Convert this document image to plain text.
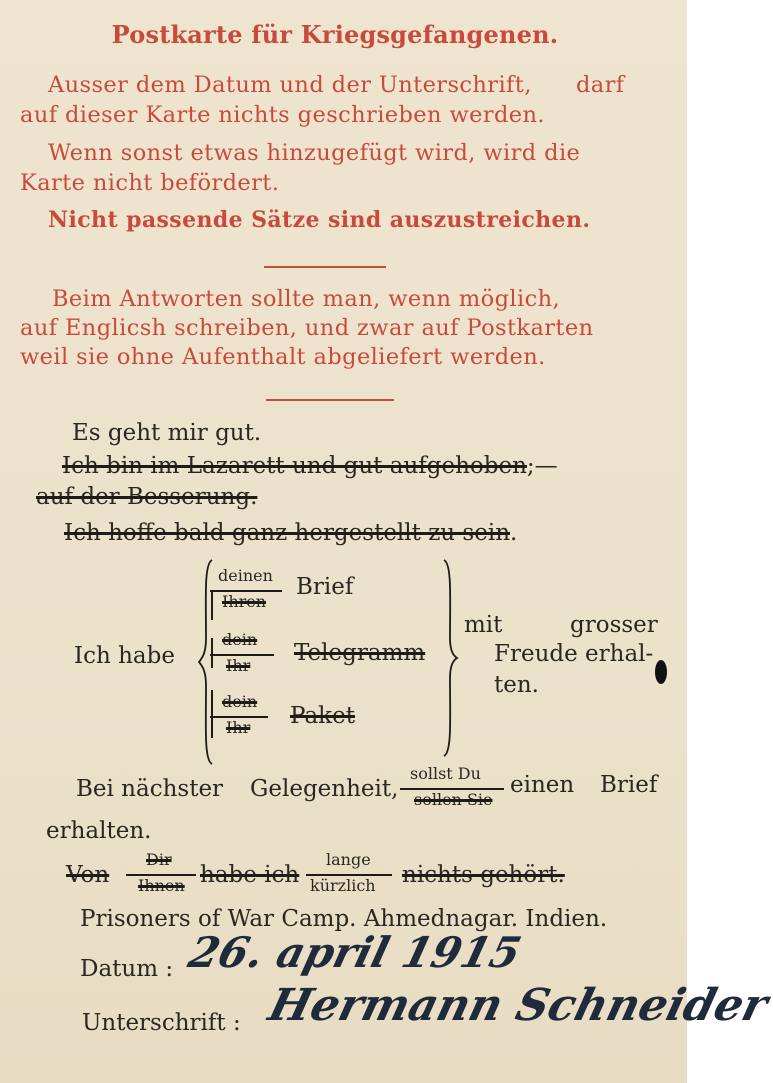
Postkarte für Kriegsgefangenen.
Ausser dem Datum und der Unterschrift, darf
auf dieser Karte nichts geschrieben werden.
Wenn sonst etwas hinzugefügt wird, wird die
Karte nicht befördert.
Nicht passende Sätze sind auszustreichen.
Beim Antworten sollte man, wenn möglich,
auf Englicsh schreiben, und zwar auf Postkarten
weil sie ohne Aufenthalt abgeliefert werden.
Es geht mir gut.
Ich bin im Lazarett und gut aufgehoben;—
auf der Besserung.
Ich hoffe bald ganz hergestellt zu sein.
Ich habe
deinen
Ihren
Brief
dein
Ihr Telegramm
dein
Ihr Paket
mit	grosser
Freude erhal-
ten.
Bei nächster Gelegenheit,
sollst Du
sollen Sie
einen Brief
erhalten.
Von
Dir
Ihnen habe ich
lange
kürzlich nichts gehört.
Prisoners of War Camp. Ahmednagar. Indien.
Datum : 26. april 1915
Unterschrift : Hermann Schneider
